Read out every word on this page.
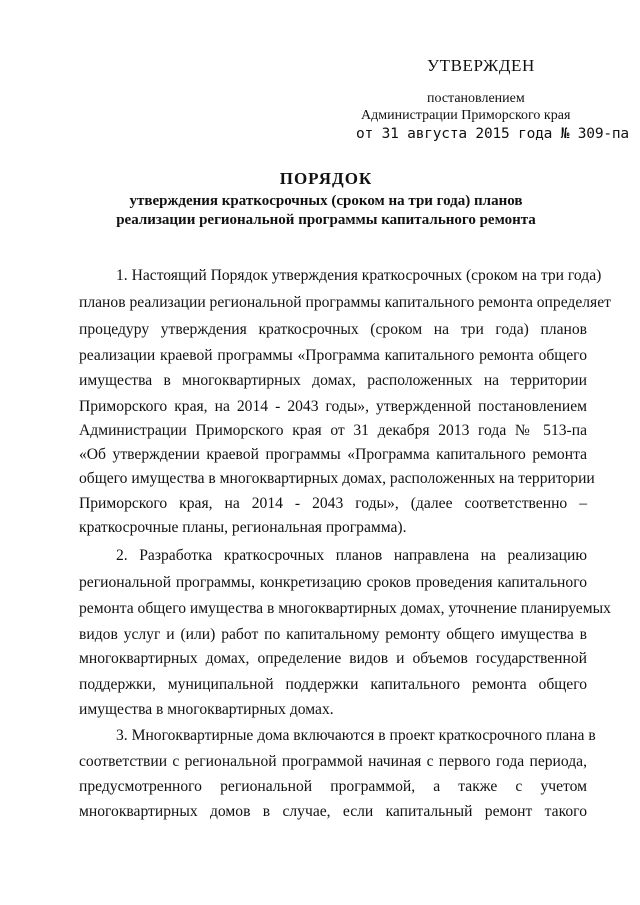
УТВЕРЖДЕН
постановлением
Администрации Приморского края
от 31 августа 2015 года № 309-па
ПОРЯДОК
утверждения краткосрочных (сроком на три года) планов
реализации региональной программы капитального ремонта
1. Настоящий Порядок утверждения краткосрочных (сроком на три года)
планов реализации региональной программы капитального ремонта определяет
процедуру утверждения краткосрочных (сроком на три года) планов
реализации краевой программы «Программа капитального ремонта общего
имущества в многоквартирных домах, расположенных на территории
Приморского края, на 2014 - 2043 годы», утвержденной постановлением
Администрации Приморского края от 31 декабря 2013 года № 513-па
«Об утверждении краевой программы «Программа капитального ремонта
общего имущества в многоквартирных домах, расположенных на территории
Приморского края, на 2014 - 2043 годы», (далее соответственно –
краткосрочные планы, региональная программа).
2. Разработка краткосрочных планов направлена на реализацию
региональной программы, конкретизацию сроков проведения капитального
ремонта общего имущества в многоквартирных домах, уточнение планируемых
видов услуг и (или) работ по капитальному ремонту общего имущества в
многоквартирных домах, определение видов и объемов государственной
поддержки, муниципальной поддержки капитального ремонта общего
имущества в многоквартирных домах.
3. Многоквартирные дома включаются в проект краткосрочного плана в
соответствии с региональной программой начиная с первого года периода,
предусмотренного региональной программой, а также с учетом
многоквартирных домов в случае, если капитальный ремонт такого
